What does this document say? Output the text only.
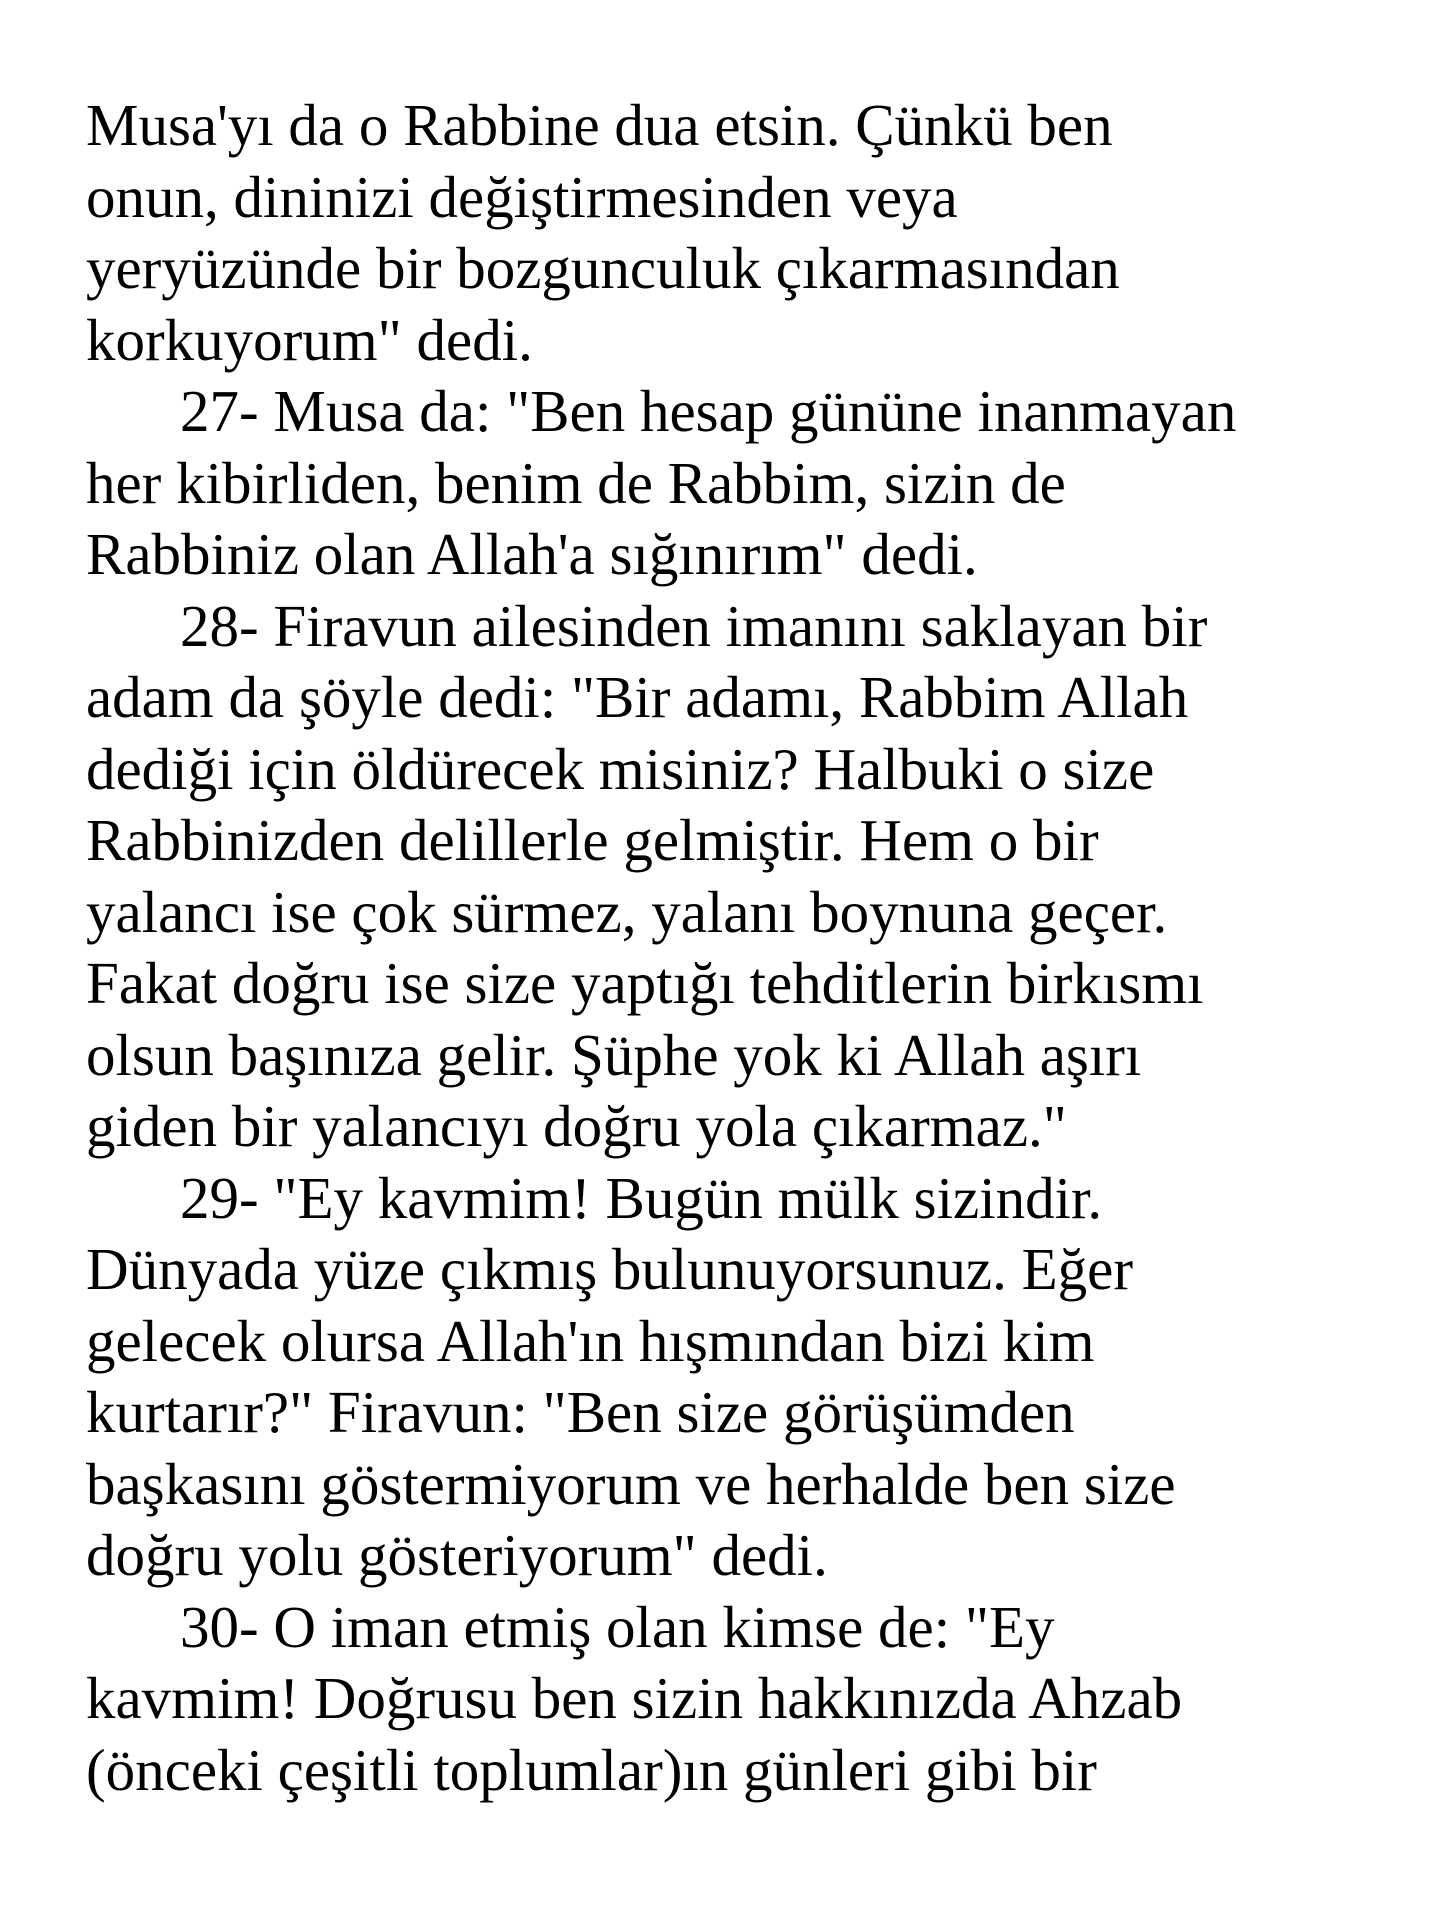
Musa'yı da o Rabbine dua etsin. Çünkü ben
onun, dininizi değiştirmesinden veya
yeryüzünde bir bozgunculuk çıkarmasından
korkuyorum" dedi.
27- Musa da: "Ben hesap gününe inanmayan
her kibirliden, benim de Rabbim, sizin de
Rabbiniz olan Allah'a sığınırım" dedi.
28- Firavun ailesinden imanını saklayan bir
adam da şöyle dedi: "Bir adamı, Rabbim Allah
dediği için öldürecek misiniz? Halbuki o size
Rabbinizden delillerle gelmiştir. Hem o bir
yalancı ise çok sürmez, yalanı boynuna geçer.
Fakat doğru ise size yaptığı tehditlerin birkısmı
olsun başınıza gelir. Şüphe yok ki Allah aşırı
giden bir yalancıyı doğru yola çıkarmaz."
29- "Ey kavmim! Bugün mülk sizindir.
Dünyada yüze çıkmış bulunuyorsunuz. Eğer
gelecek olursa Allah'ın hışmından bizi kim
kurtarır?" Firavun: "Ben size görüşümden
başkasını göstermiyorum ve herhalde ben size
doğru yolu gösteriyorum" dedi.
30- O iman etmiş olan kimse de: "Ey
kavmim! Doğrusu ben sizin hakkınızda Ahzab
(önceki çeşitli toplumlar)ın günleri gibi bir
